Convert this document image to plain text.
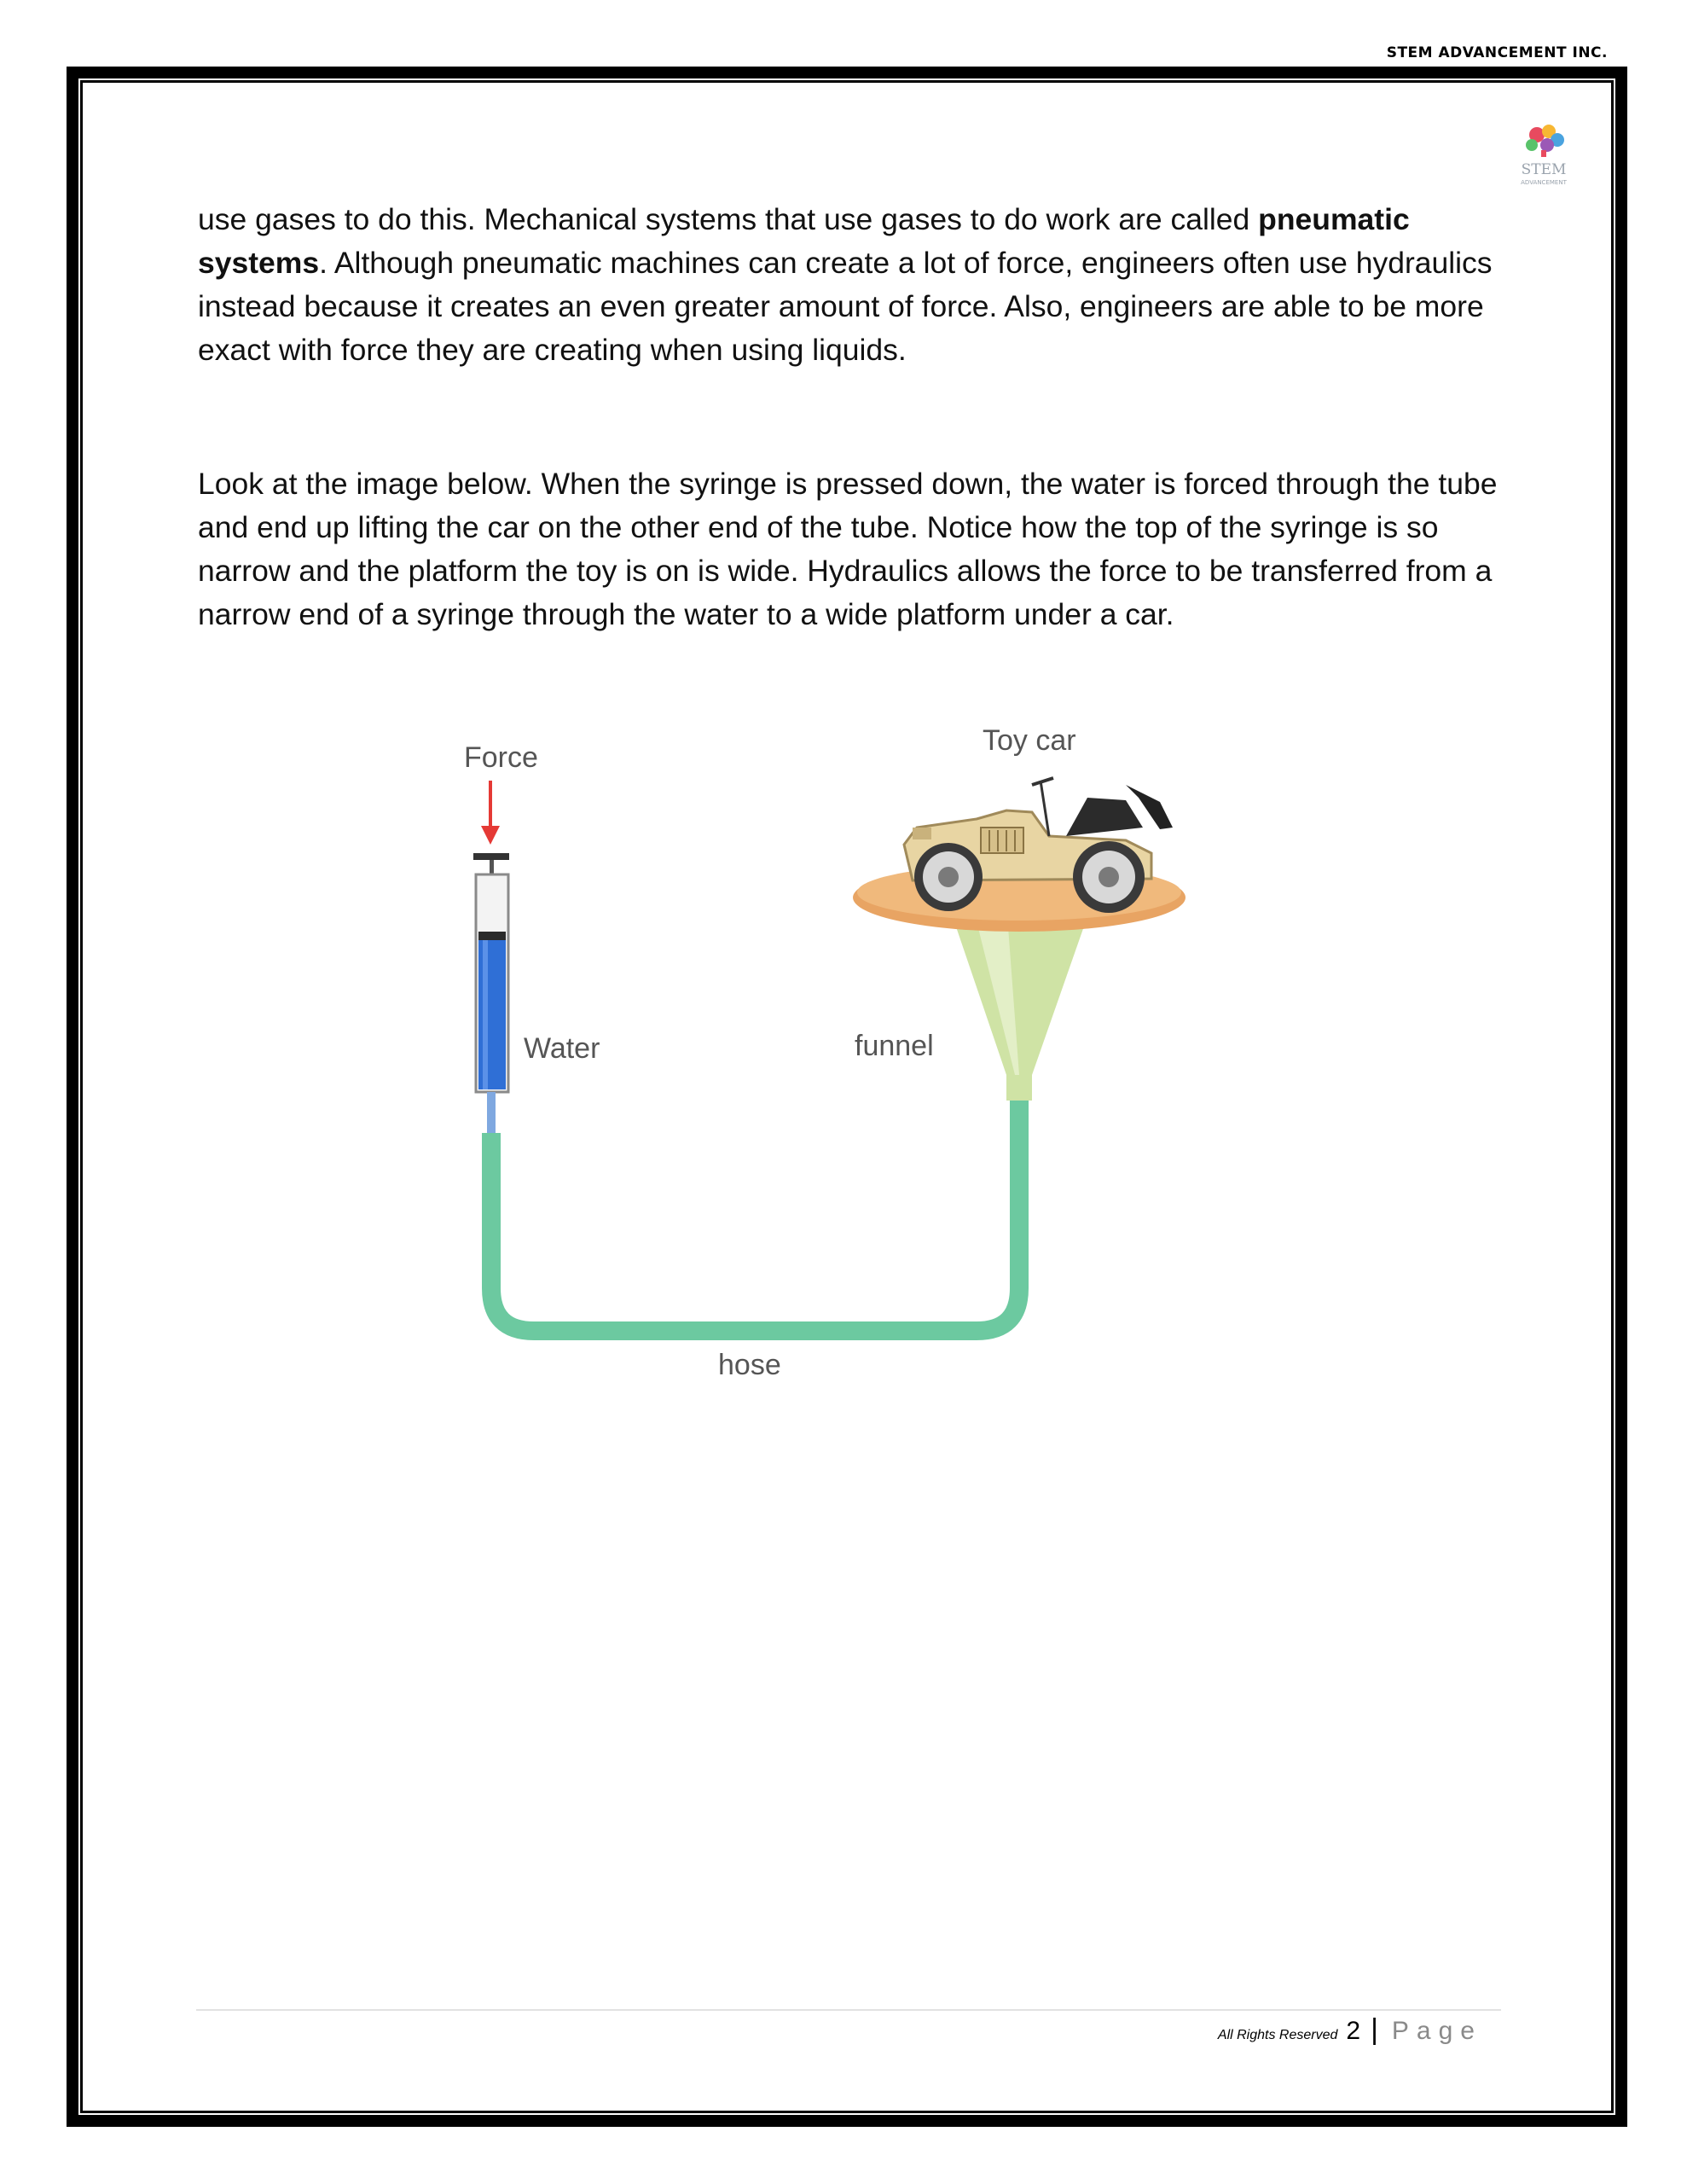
STEM ADVANCEMENT INC.
STEM
ADVANCEMENT

use gases to do this. Mechanical systems that use gases to do work are called pneumatic systems. Although pneumatic machines can create a lot of force, engineers often use hydraulics instead because it creates an even greater amount of force. Also, engineers are able to be more exact with force they are creating when using liquids.

Look at the image below. When the syringe is pressed down, the water is forced through the tube and end up lifting the car on the other end of the tube. Notice how the top of the syringe is so narrow and the platform the toy is on is wide. Hydraulics allows the force to be transferred from a narrow end of a syringe through the water to a wide platform under a car.

Force
Water
hose
funnel
Toy car
All Rights Reserved 2 | Page
